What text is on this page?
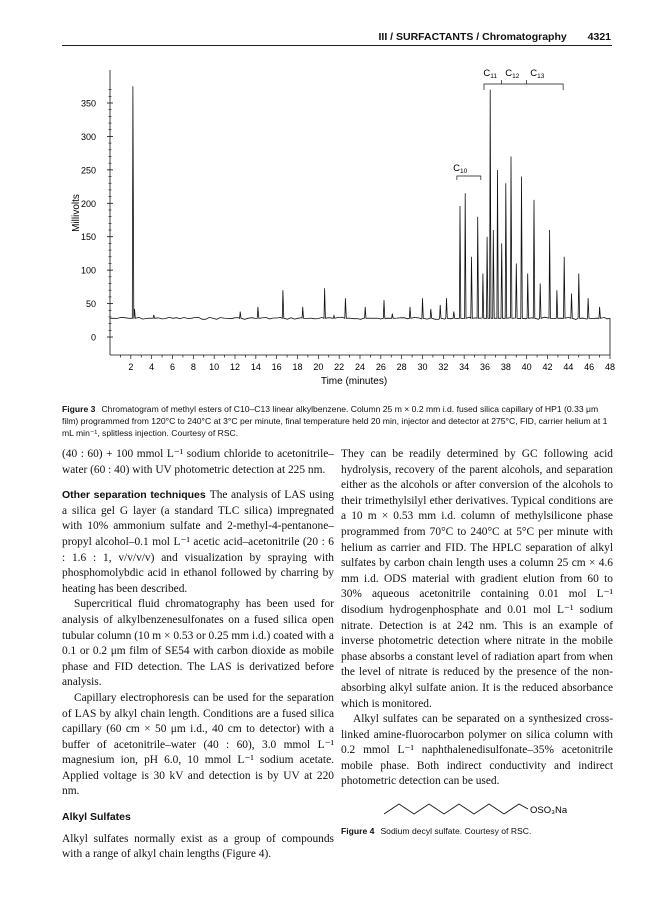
III / SURFACTANTS / Chromatography 4321
0
50
100
150
200
250
300
350
2 4 6 8 10 12 14 16 18 20 22 24 26 28 30 32 34 36 38 40 42 44 46 48
$C_{10}$
$C_{11}$ $C_{12}$ $C_{13}$
Millivolts
Time (minutes)
Figure 3 Chromatogram of methyl esters of C10–C13 linear alkylbenzene. Column 25 m × 0.2 mm i.d. fused silica capillary of HP1 (0.33 μm film) programmed from 120°C to 240°C at 3°C per minute, final temperature held 20 min, injector and detector at 275°C, FID, carrier helium at 1 mL min⁻¹, splitless injection. Courtesy of RSC.

(40 : 60) + 100 mmol L⁻¹ sodium chloride to acetonitrile–water (60 : 40) with UV photometric detection at 225 nm.

Other separation techniques The analysis of LAS using a silica gel G layer (a standard TLC silica) impregnated with 10% ammonium sulfate and 2-methyl-4-pentanone–propyl alcohol–0.1 mol L⁻¹ acetic acid–acetonitrile (20 : 6 : 1.6 : 1, v/v/v/v) and visualization by spraying with phosphomolybdic acid in ethanol followed by charring by heating has been described.

Supercritical fluid chromatography has been used for analysis of alkylbenzenesulfonates on a fused silica open tubular column (10 m × 0.53 or 0.25 mm i.d.) coated with a 0.1 or 0.2 μm film of SE54 with carbon dioxide as mobile phase and FID detection. The LAS is derivatized before analysis.

Capillary electrophoresis can be used for the separation of LAS by alkyl chain length. Conditions are a fused silica capillary (60 cm × 50 μm i.d., 40 cm to detector) with a buffer of acetonitrile–water (40 : 60), 3.0 mmol L⁻¹ magnesium ion, pH 6.0, 10 mmol L⁻¹ sodium acetate. Applied voltage is 30 kV and detection is by UV at 220 nm.

Alkyl Sulfates

Alkyl sulfates normally exist as a group of compounds with a range of alkyl chain lengths (Figure 4).

They can be readily determined by GC following acid hydrolysis, recovery of the parent alcohols, and separation either as the alcohols or after conversion of the alcohols to their trimethylsilyl ether derivatives. Typical conditions are a 10 m × 0.53 mm i.d. column of methylsilicone phase programmed from 70°C to 240°C at 5°C per minute with helium as carrier and FID. The HPLC separation of alkyl sulfates by carbon chain length uses a column 25 cm × 4.6 mm i.d. ODS material with gradient elution from 60 to 30% aqueous acetonitrile containing 0.01 mol L⁻¹ disodium hydrogenphosphate and 0.01 mol L⁻¹ sodium nitrate. Detection is at 242 nm. This is an example of inverse photometric detection where nitrate in the mobile phase absorbs a constant level of radiation apart from when the level of nitrate is reduced by the presence of the non-absorbing alkyl sulfate anion. It is the reduced absorbance which is monitored.

Alkyl sulfates can be separated on a synthesized cross-linked amine-fluorocarbon polymer on silica column with 0.2 mmol L⁻¹ naphthalenedisulfonate–35% acetonitrile mobile phase. Both indirect conductivity and indirect photometric detection can be used.

OSO₃Na
Figure 4 Sodium decyl sulfate. Courtesy of RSC.
